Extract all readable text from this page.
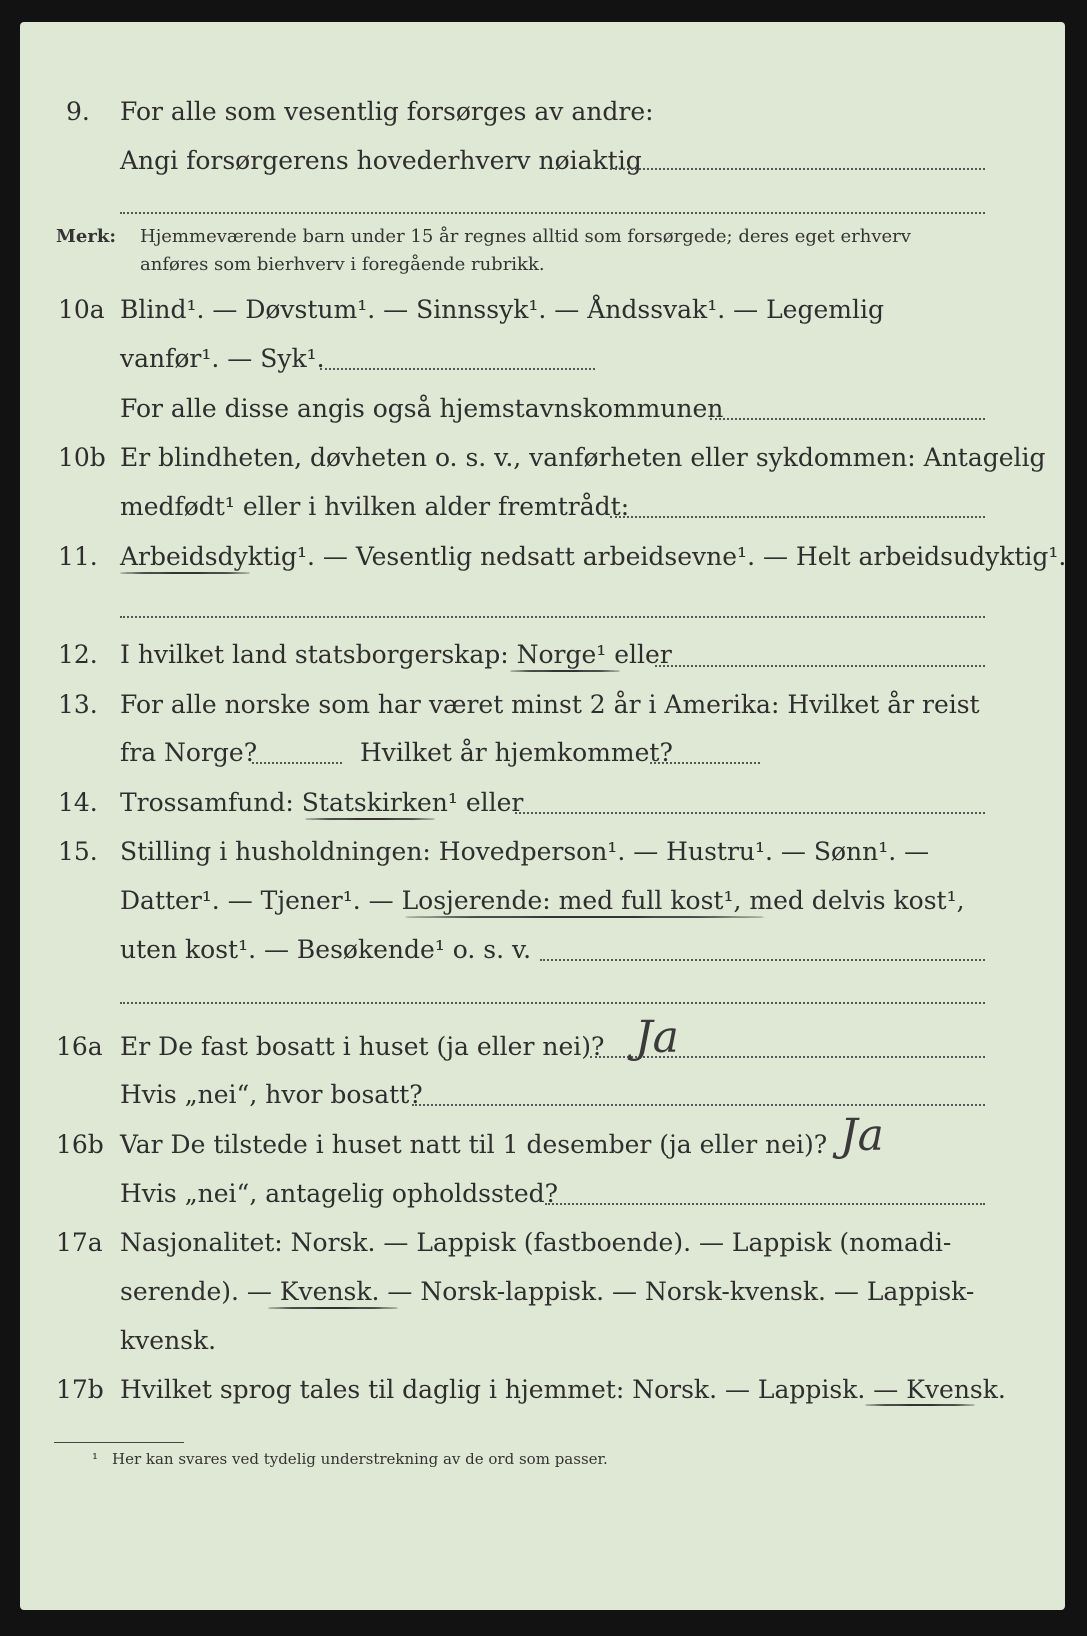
9. For alle som vesentlig forsørges av andre:
Angi forsørgerens hovederhverv nøiaktig
Merk: Hjemmeværende barn under 15 år regnes alltid som forsørgede; deres eget erhverv
anføres som bierhverv i foregående rubrikk.
10a Blind¹. — Døvstum¹. — Sinnssyk¹. — Åndssvak¹. — Legemlig
vanfør¹. — Syk¹.
For alle disse angis også hjemstavnskommunen
10b Er blindheten, døvheten o. s. v., vanførheten eller sykdommen: Antagelig
medfødt¹ eller i hvilken alder fremtrådt:
11. Arbeidsdyktig¹. — Vesentlig nedsatt arbeidsevne¹. — Helt arbeidsudyktig¹.
12. I hvilket land statsborgerskap: Norge¹ eller
13. For alle norske som har været minst 2 år i Amerika: Hvilket år reist
fra Norge?	Hvilket år hjemkommet?
14. Trossamfund: Statskirken¹ eller
15. Stilling i husholdningen: Hovedperson¹. — Hustru¹. — Sønn¹. —
Datter¹. — Tjener¹. — Losjerende: med full kost¹, med delvis kost¹,
uten kost¹. — Besøkende¹ o. s. v.
16a Er De fast bosatt i huset (ja eller nei)? Ja
Hvis „nei“, hvor bosatt?
16b Var De tilstede i huset natt til 1 desember (ja eller nei)? Ja
Hvis „nei“, antagelig opholdssted?
17a Nasjonalitet: Norsk. — Lappisk (fastboende). — Lappisk (nomadi-
serende). — Kvensk. — Norsk-lappisk. — Norsk-kvensk. — Lappisk-
kvensk.
17b Hvilket sprog tales til daglig i hjemmet: Norsk. — Lappisk. — Kvensk.
¹ Her kan svares ved tydelig understrekning av de ord som passer.
